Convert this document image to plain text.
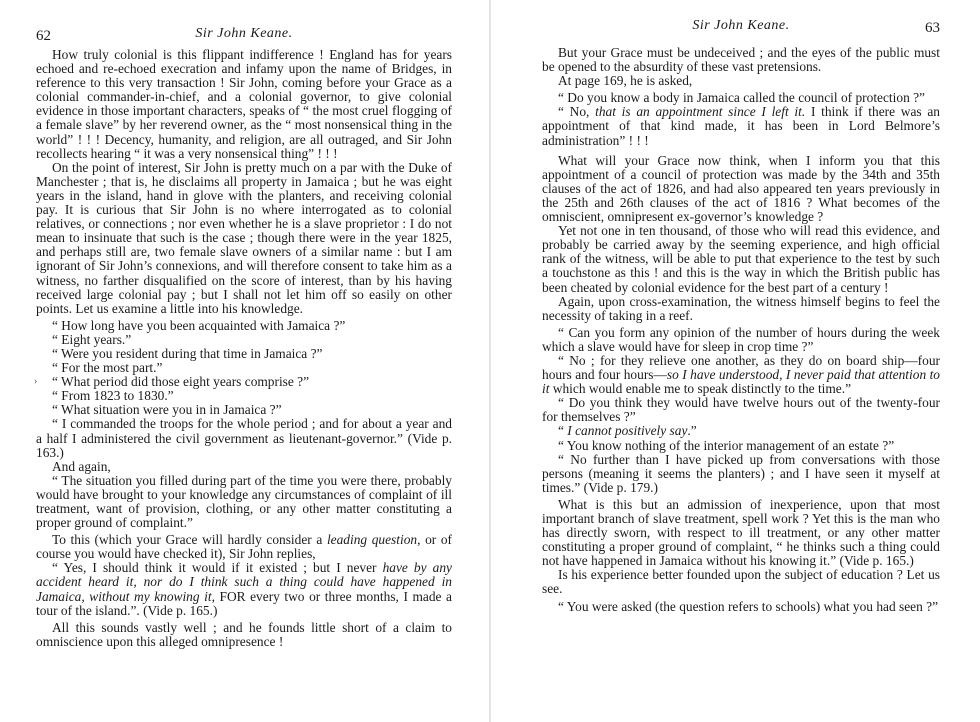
62	Sir John Keane.

How truly colonial is this flippant indifference ! England has for years echoed and re-echoed execration and infamy upon the name of Bridges, in reference to this very transaction ! Sir John, coming before your Grace as a colonial commander-in-chief, and a colonial governor, to give colonial evidence in those important characters, speaks of “ the most cruel flogging of a female slave” by her reverend owner, as the “ most nonsensical thing in the world” ! ! ! Decency, humanity, and religion, are all outraged, and Sir John recollects hearing “ it was a very nonsensical thing” ! ! !

On the point of interest, Sir John is pretty much on a par with the Duke of Manchester ; that is, he disclaims all property in Jamaica ; but he was eight years in the island, hand in glove with the planters, and receiving colonial pay. It is curious that Sir John is no where interrogated as to colonial relatives, or connections ; nor even whether he is a slave proprietor : I do not mean to insinuate that such is the case ; though there were in the year 1825, and perhaps still are, two female slave owners of a similar name : but I am ignorant of Sir John’s connexions, and will therefore consent to take him as a witness, no farther disqualified on the score of interest, than by his having received large colonial pay ; but I shall not let him off so easily on other points. Let us examine a little into his knowledge.

“ How long have you been acquainted with Jamaica ?”

“ Eight years.”

“ Were you resident during that time in Jamaica ?”

“ For the most part.”

“ What period did those eight years comprise ?”

“ From 1823 to 1830.”

“ What situation were you in in Jamaica ?”

“ I commanded the troops for the whole period ; and for about a year and a half I administered the civil government as lieutenant-governor.” (Vide p. 163.)

And again,

“ The situation you filled during part of the time you were there, probably would have brought to your knowledge any circumstances of complaint of ill treatment, want of provision, clothing, or any other matter constituting a proper ground of complaint.”

To this (which your Grace will hardly consider a leading question, or of course you would have checked it), Sir John replies,

“ Yes, I should think it would if it existed ; but I never have by any accident heard it, nor do I think such a thing could have happened in Jamaica, without my knowing it, FOR every two or three months, I made a tour of the island.”. (Vide p. 165.)

All this sounds vastly well ; and he founds little short of a claim to omniscience upon this alleged omnipresence !

›
Sir John Keane.	63

But your Grace must be undeceived ; and the eyes of the public must be opened to the absurdity of these vast pretensions.

At page 169, he is asked,

“ Do you know a body in Jamaica called the council of protection ?”

“ No, that is an appointment since I left it. I think if there was an appointment of that kind made, it has been in Lord Belmore’s administration” ! ! !

What will your Grace now think, when I inform you that this appointment of a council of protection was made by the 34th and 35th clauses of the act of 1826, and had also appeared ten years previously in the 25th and 26th clauses of the act of 1816 ? What becomes of the omniscient, omnipresent ex-governor’s knowledge ?

Yet not one in ten thousand, of those who will read this evidence, and probably be carried away by the seeming experience, and high official rank of the witness, will be able to put that experience to the test by such a touchstone as this ! and this is the way in which the British public has been cheated by colonial evidence for the best part of a century !

Again, upon cross-examination, the witness himself begins to feel the necessity of taking in a reef.

“ Can you form any opinion of the number of hours during the week which a slave would have for sleep in crop time ?”

“ No ; for they relieve one another, as they do on board ship—four hours and four hours—so I have understood, I never paid that attention to it which would enable me to speak distinctly to the time.”

“ Do you think they would have twelve hours out of the twenty-four for themselves ?”

“ I cannot positively say.”

“ You know nothing of the interior management of an estate ?”

“ No further than I have picked up from conversations with those persons (meaning it seems the planters) ; and I have seen it myself at times.” (Vide p. 179.)

What is this but an admission of inexperience, upon that most important branch of slave treatment, spell work ? Yet this is the man who has directly sworn, with respect to ill treatment, or any other matter constituting a proper ground of complaint, “ he thinks such a thing could not have happened in Jamaica without his knowing it.” (Vide p. 165.)

Is his experience better founded upon the subject of education ? Let us see.

“ You were asked (the question refers to schools) what you had seen ?”
